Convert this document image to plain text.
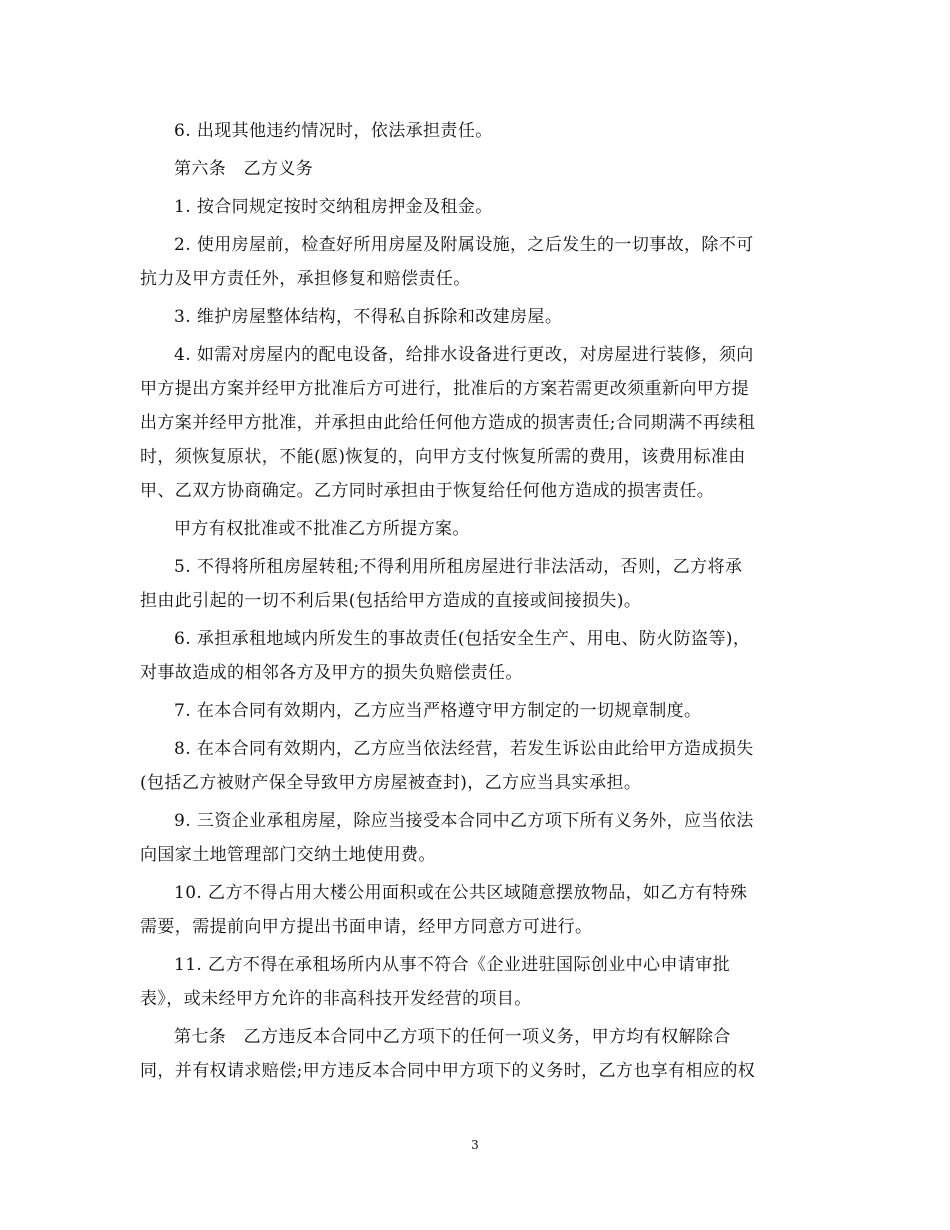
6. 出现其他违约情况时，依法承担责任。
第六条　乙方义务
1. 按合同规定按时交纳租房押金及租金。
2. 使用房屋前，检查好所用房屋及附属设施，之后发生的一切事故，除不可
抗力及甲方责任外，承担修复和赔偿责任。
3. 维护房屋整体结构，不得私自拆除和改建房屋。
4. 如需对房屋内的配电设备，给排水设备进行更改，对房屋进行装修，须向
甲方提出方案并经甲方批准后方可进行，批准后的方案若需更改须重新向甲方提
出方案并经甲方批准，并承担由此给任何他方造成的损害责任;合同期满不再续租
时，须恢复原状，不能(愿)恢复的，向甲方支付恢复所需的费用，该费用标准由
甲、乙双方协商确定。乙方同时承担由于恢复给任何他方造成的损害责任。
甲方有权批准或不批准乙方所提方案。
5. 不得将所租房屋转租;不得利用所租房屋进行非法活动，否则，乙方将承
担由此引起的一切不利后果(包括给甲方造成的直接或间接损失)。
6. 承担承租地域内所发生的事故责任(包括安全生产、用电、防火防盗等)，
对事故造成的相邻各方及甲方的损失负赔偿责任。
7. 在本合同有效期内，乙方应当严格遵守甲方制定的一切规章制度。
8. 在本合同有效期内，乙方应当依法经营，若发生诉讼由此给甲方造成损失
(包括乙方被财产保全导致甲方房屋被查封)，乙方应当具实承担。
9. 三资企业承租房屋，除应当接受本合同中乙方项下所有义务外，应当依法
向国家土地管理部门交纳土地使用费。
10. 乙方不得占用大楼公用面积或在公共区域随意摆放物品，如乙方有特殊
需要，需提前向甲方提出书面申请，经甲方同意方可进行。
11. 乙方不得在承租场所内从事不符合《企业进驻国际创业中心申请审批
表》，或未经甲方允许的非高科技开发经营的项目。
第七条　乙方违反本合同中乙方项下的任何一项义务，甲方均有权解除合
同，并有权请求赔偿;甲方违反本合同中甲方项下的义务时，乙方也享有相应的权
3
